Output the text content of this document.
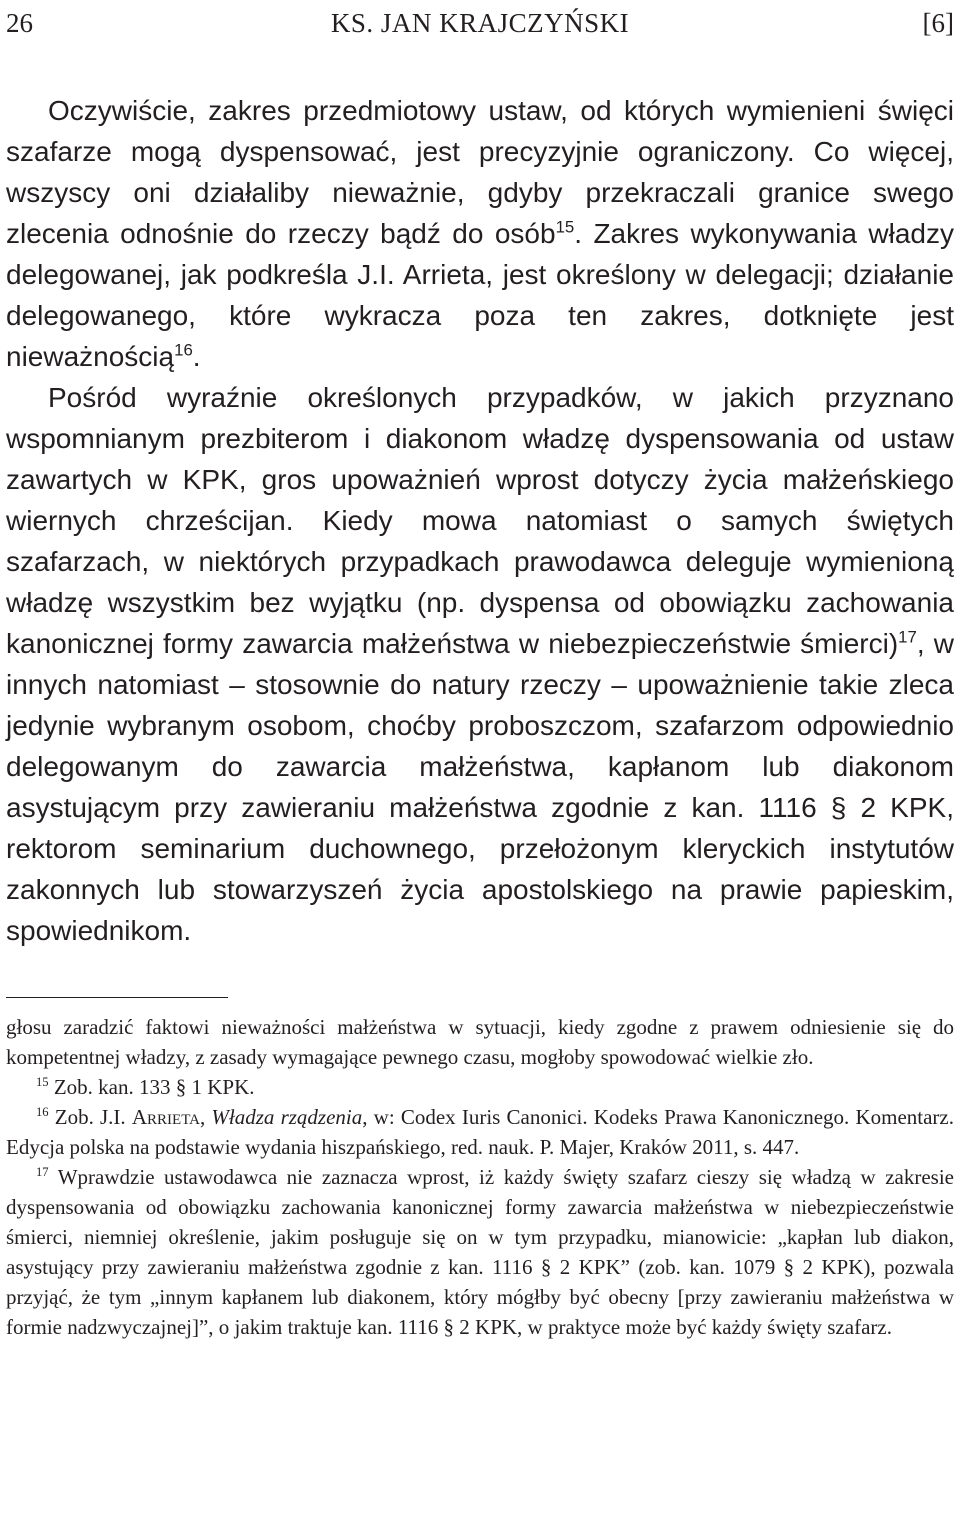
26	KS. JAN KRAJCZYŃSKI	[6]

Oczywiście, zakres przedmiotowy ustaw, od których wymienieni święci szafarze mogą dyspensować, jest precyzyjnie ograniczony. Co więcej, wszyscy oni działaliby nieważnie, gdyby przekraczali granice swego zlecenia odnośnie do rzeczy bądź do osób$^{15}$. Zakres wykonywania władzy delegowanej, jak podkreśla J.I. Arrieta, jest określony w delegacji; działanie delegowanego, które wykracza poza ten zakres, dotknięte jest nieważnością$^{16}$.

Pośród wyraźnie określonych przypadków, w jakich przyznano wspomnianym prezbiterom i diakonom władzę dyspensowania od ustaw zawartych w KPK, gros upoważnień wprost dotyczy życia małżeńskiego wiernych chrześcijan. Kiedy mowa natomiast o samych świętych szafarzach, w niektórych przypadkach prawodawca deleguje wymienioną władzę wszystkim bez wyjątku (np. dyspensa od obowiązku zachowania kanonicznej formy zawarcia małżeństwa w niebezpieczeństwie śmierci)$^{17}$, w innych natomiast – stosownie do natury rzeczy – upoważnienie takie zleca jedynie wybranym osobom, choćby proboszczom, szafarzom odpowiednio delegowanym do zawarcia małżeństwa, kapłanom lub diakonom asystującym przy zawieraniu małżeństwa zgodnie z kan. 1116 § 2 KPK, rektorom seminarium duchownego, przełożonym kleryckich instytutów zakonnych lub stowarzyszeń życia apostolskiego na prawie papieskim, spowiednikom.

głosu zaradzić faktowi nieważności małżeństwa w sytuacji, kiedy zgodne z prawem odniesienie się do kompetentnej władzy, z zasady wymagające pewnego czasu, mogłoby spowodować wielkie zło.

$^{15}$ Zob. kan. 133 § 1 KPK.

$^{16}$ Zob. J.I. Arrieta, Władza rządzenia, w: Codex Iuris Canonici. Kodeks Prawa Kanonicznego. Komentarz. Edycja polska na podstawie wydania hiszpańskiego, red. nauk. P. Majer, Kraków 2011, s. 447.

$^{17}$ Wprawdzie ustawodawca nie zaznacza wprost, iż każdy święty szafarz cieszy się władzą w zakresie dyspensowania od obowiązku zachowania kanonicznej formy zawarcia małżeństwa w niebezpieczeństwie śmierci, niemniej określenie, jakim posługuje się on w tym przypadku, mianowicie: „kapłan lub diakon, asystujący przy zawieraniu małżeństwa zgodnie z kan. 1116 § 2 KPK” (zob. kan. 1079 § 2 KPK), pozwala przyjąć, że tym „innym kapłanem lub diakonem, który mógłby być obecny [przy zawieraniu małżeństwa w formie nadzwyczajnej]”, o jakim traktuje kan. 1116 § 2 KPK, w praktyce może być każdy święty szafarz.
